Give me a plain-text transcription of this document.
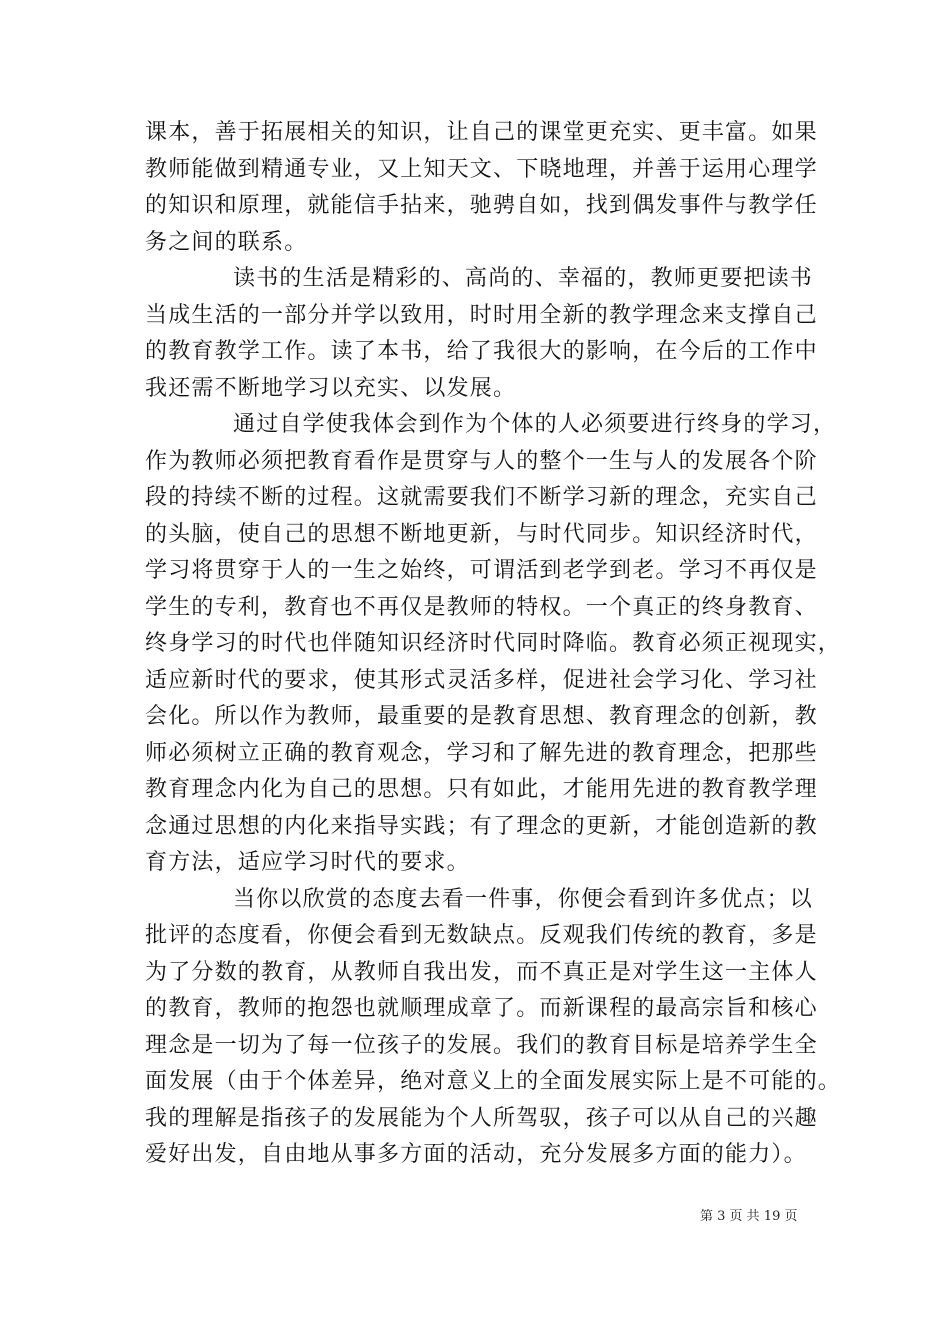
课本，善于拓展相关的知识，让自己的课堂更充实、更丰富。如果
教师能做到精通专业，又上知天文、下晓地理，并善于运用心理学
的知识和原理，就能信手拈来，驰骋自如，找到偶发事件与教学任
务之间的联系。
读书的生活是精彩的、高尚的、幸福的，教师更要把读书
当成生活的一部分并学以致用，时时用全新的教学理念来支撑自己
的教育教学工作。读了本书，给了我很大的影响，在今后的工作中
我还需不断地学习以充实、以发展。
通过自学使我体会到作为个体的人必须要进行终身的学习，
作为教师必须把教育看作是贯穿与人的整个一生与人的发展各个阶
段的持续不断的过程。这就需要我们不断学习新的理念，充实自己
的头脑，使自己的思想不断地更新，与时代同步。知识经济时代，
学习将贯穿于人的一生之始终，可谓活到老学到老。学习不再仅是
学生的专利，教育也不再仅是教师的特权。一个真正的终身教育、
终身学习的时代也伴随知识经济时代同时降临。教育必须正视现实，
适应新时代的要求，使其形式灵活多样，促进社会学习化、学习社
会化。所以作为教师，最重要的是教育思想、教育理念的创新，教
师必须树立正确的教育观念，学习和了解先进的教育理念，把那些
教育理念内化为自己的思想。只有如此，才能用先进的教育教学理
念通过思想的内化来指导实践；有了理念的更新，才能创造新的教
育方法，适应学习时代的要求。
当你以欣赏的态度去看一件事，你便会看到许多优点；以
批评的态度看，你便会看到无数缺点。反观我们传统的教育，多是
为了分数的教育，从教师自我出发，而不真正是对学生这一主体人
的教育，教师的抱怨也就顺理成章了。而新课程的最高宗旨和核心
理念是一切为了每一位孩子的发展。我们的教育目标是培养学生全
面发展（由于个体差异，绝对意义上的全面发展实际上是不可能的。
我的理解是指孩子的发展能为个人所驾驭，孩子可以从自己的兴趣
爱好出发，自由地从事多方面的活动，充分发展多方面的能力）。
第 3 页 共 19 页
